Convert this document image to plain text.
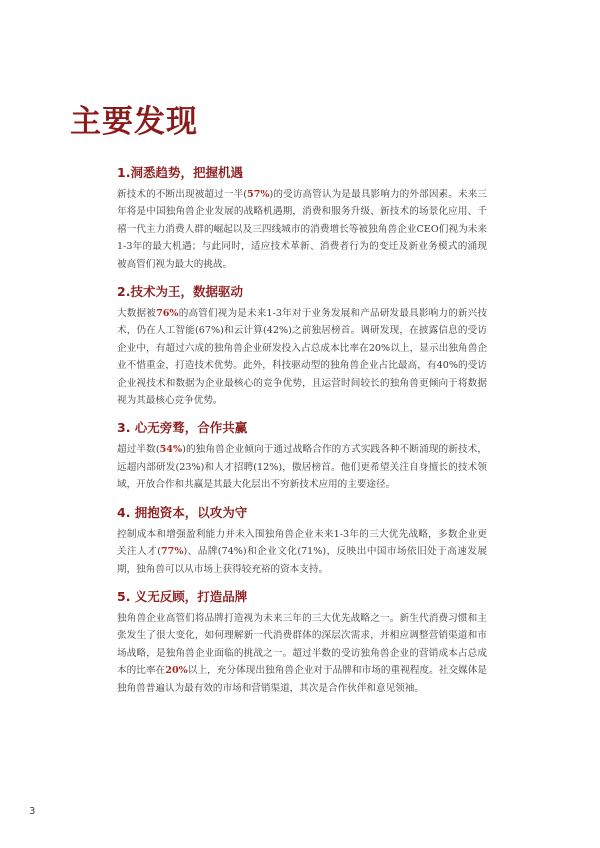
主要发现
1.洞悉趋势，把握机遇

新技术的不断出现被超过一半(57%)的受访高管认为是最具影响力的外部因素。未来三年将是中国独角兽企业发展的战略机遇期，消费和服务升级、新技术的场景化应用、千禧一代主力消费人群的崛起以及三四线城市的消费增长等被独角兽企业CEO们视为未来1-3年的最大机遇；与此同时，适应技术革新、消费者行为的变迁及新业务模式的涌现被高管们视为最大的挑战。

2.技术为王，数据驱动

大数据被76%的高管们视为是未来1-3年对于业务发展和产品研发最具影响力的新兴技术，仍在人工智能(67%)和云计算(42%)之前独居榜首。调研发现，在披露信息的受访企业中，有超过六成的独角兽企业研发投入占总成本比率在20%以上，显示出独角兽企业不惜重金，打造技术优势。此外，科技驱动型的独角兽企业占比最高，有40%的受访企业视技术和数据为企业最核心的竞争优势，且运营时间较长的独角兽更倾向于将数据视为其最核心竞争优势。

3. 心无旁骛，合作共赢

超过半数(54%)的独角兽企业倾向于通过战略合作的方式实践各种不断涌现的新技术，远超内部研发(23%)和人才招聘(12%)，傲居榜首。他们更希望关注自身擅长的技术领域，开放合作和共赢是其最大化层出不穷新技术应用的主要途径。

4. 拥抱资本，以攻为守

控制成本和增强盈利能力并未入围独角兽企业未来1-3年的三大优先战略，多数企业更关注人才(77%)、品牌(74%)和企业文化(71%)，反映出中国市场依旧处于高速发展期，独角兽可以从市场上获得较充裕的资本支持。

5. 义无反顾，打造品牌

独角兽企业高管们将品牌打造视为未来三年的三大优先战略之一。新生代消费习惯和主张发生了很大变化，如何理解新一代消费群体的深层次需求，并相应调整营销渠道和市场战略，是独角兽企业面临的挑战之一。超过半数的受访独角兽企业的营销成本占总成本的比率在20%以上，充分体现出独角兽企业对于品牌和市场的重视程度。社交媒体是独角兽普遍认为最有效的市场和营销渠道，其次是合作伙伴和意见领袖。

3
